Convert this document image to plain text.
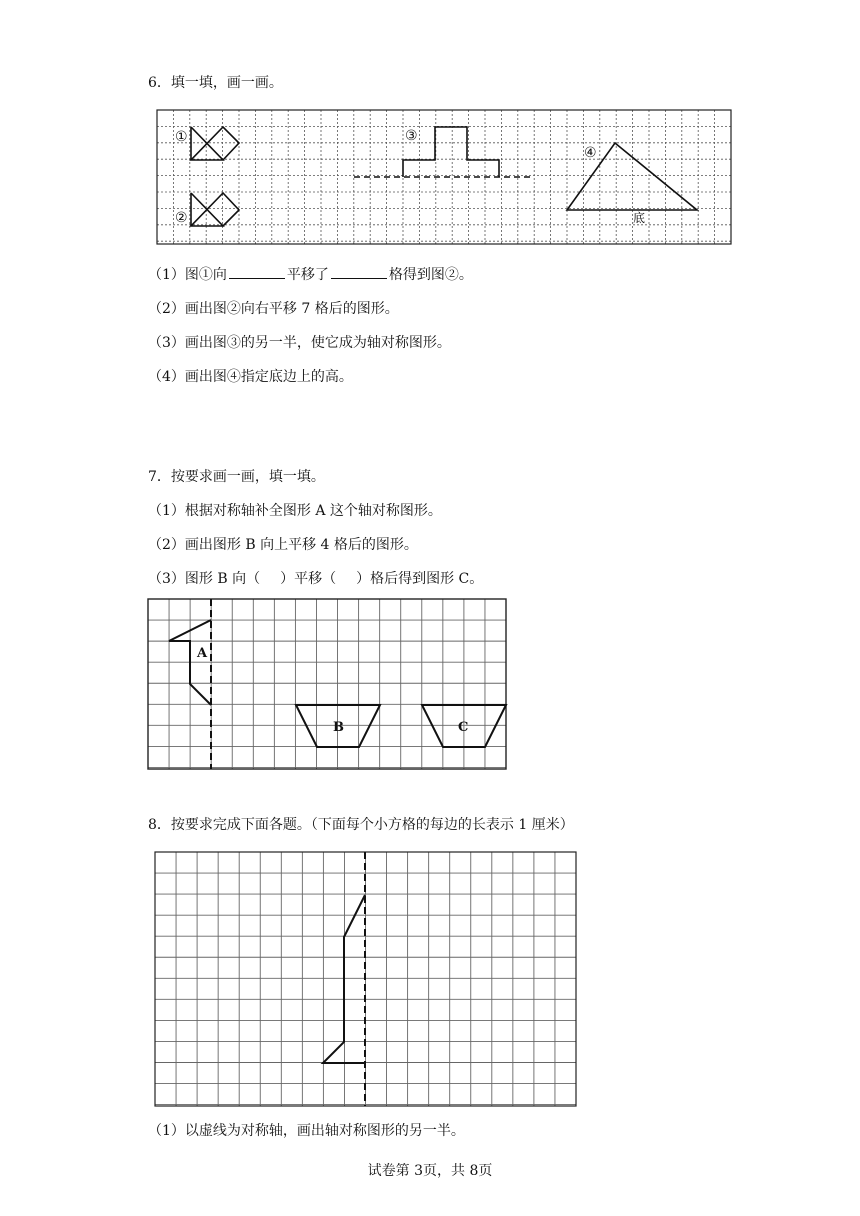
6．填一填，画一画。
①
②
③
④
底
A
B	C
（1）图①向	平移了	格得到图②。
（2）画出图②向右平移 7 格后的图形。
（3）画出图③的另一半，使它成为轴对称图形。
（4）画出图④指定底边上的高。
7．按要求画一画，填一填。
（1）根据对称轴补全图形 A 这个轴对称图形。
（2）画出图形 B 向上平移 4 格后的图形。
（3）图形 B 向（ ）平移（ ）格后得到图形 C。
8．按要求完成下面各题。（下面每个小方格的每边的长表示 1 厘米）
（1）以虚线为对称轴，画出轴对称图形的另一半。
试卷第 3页，共 8页
